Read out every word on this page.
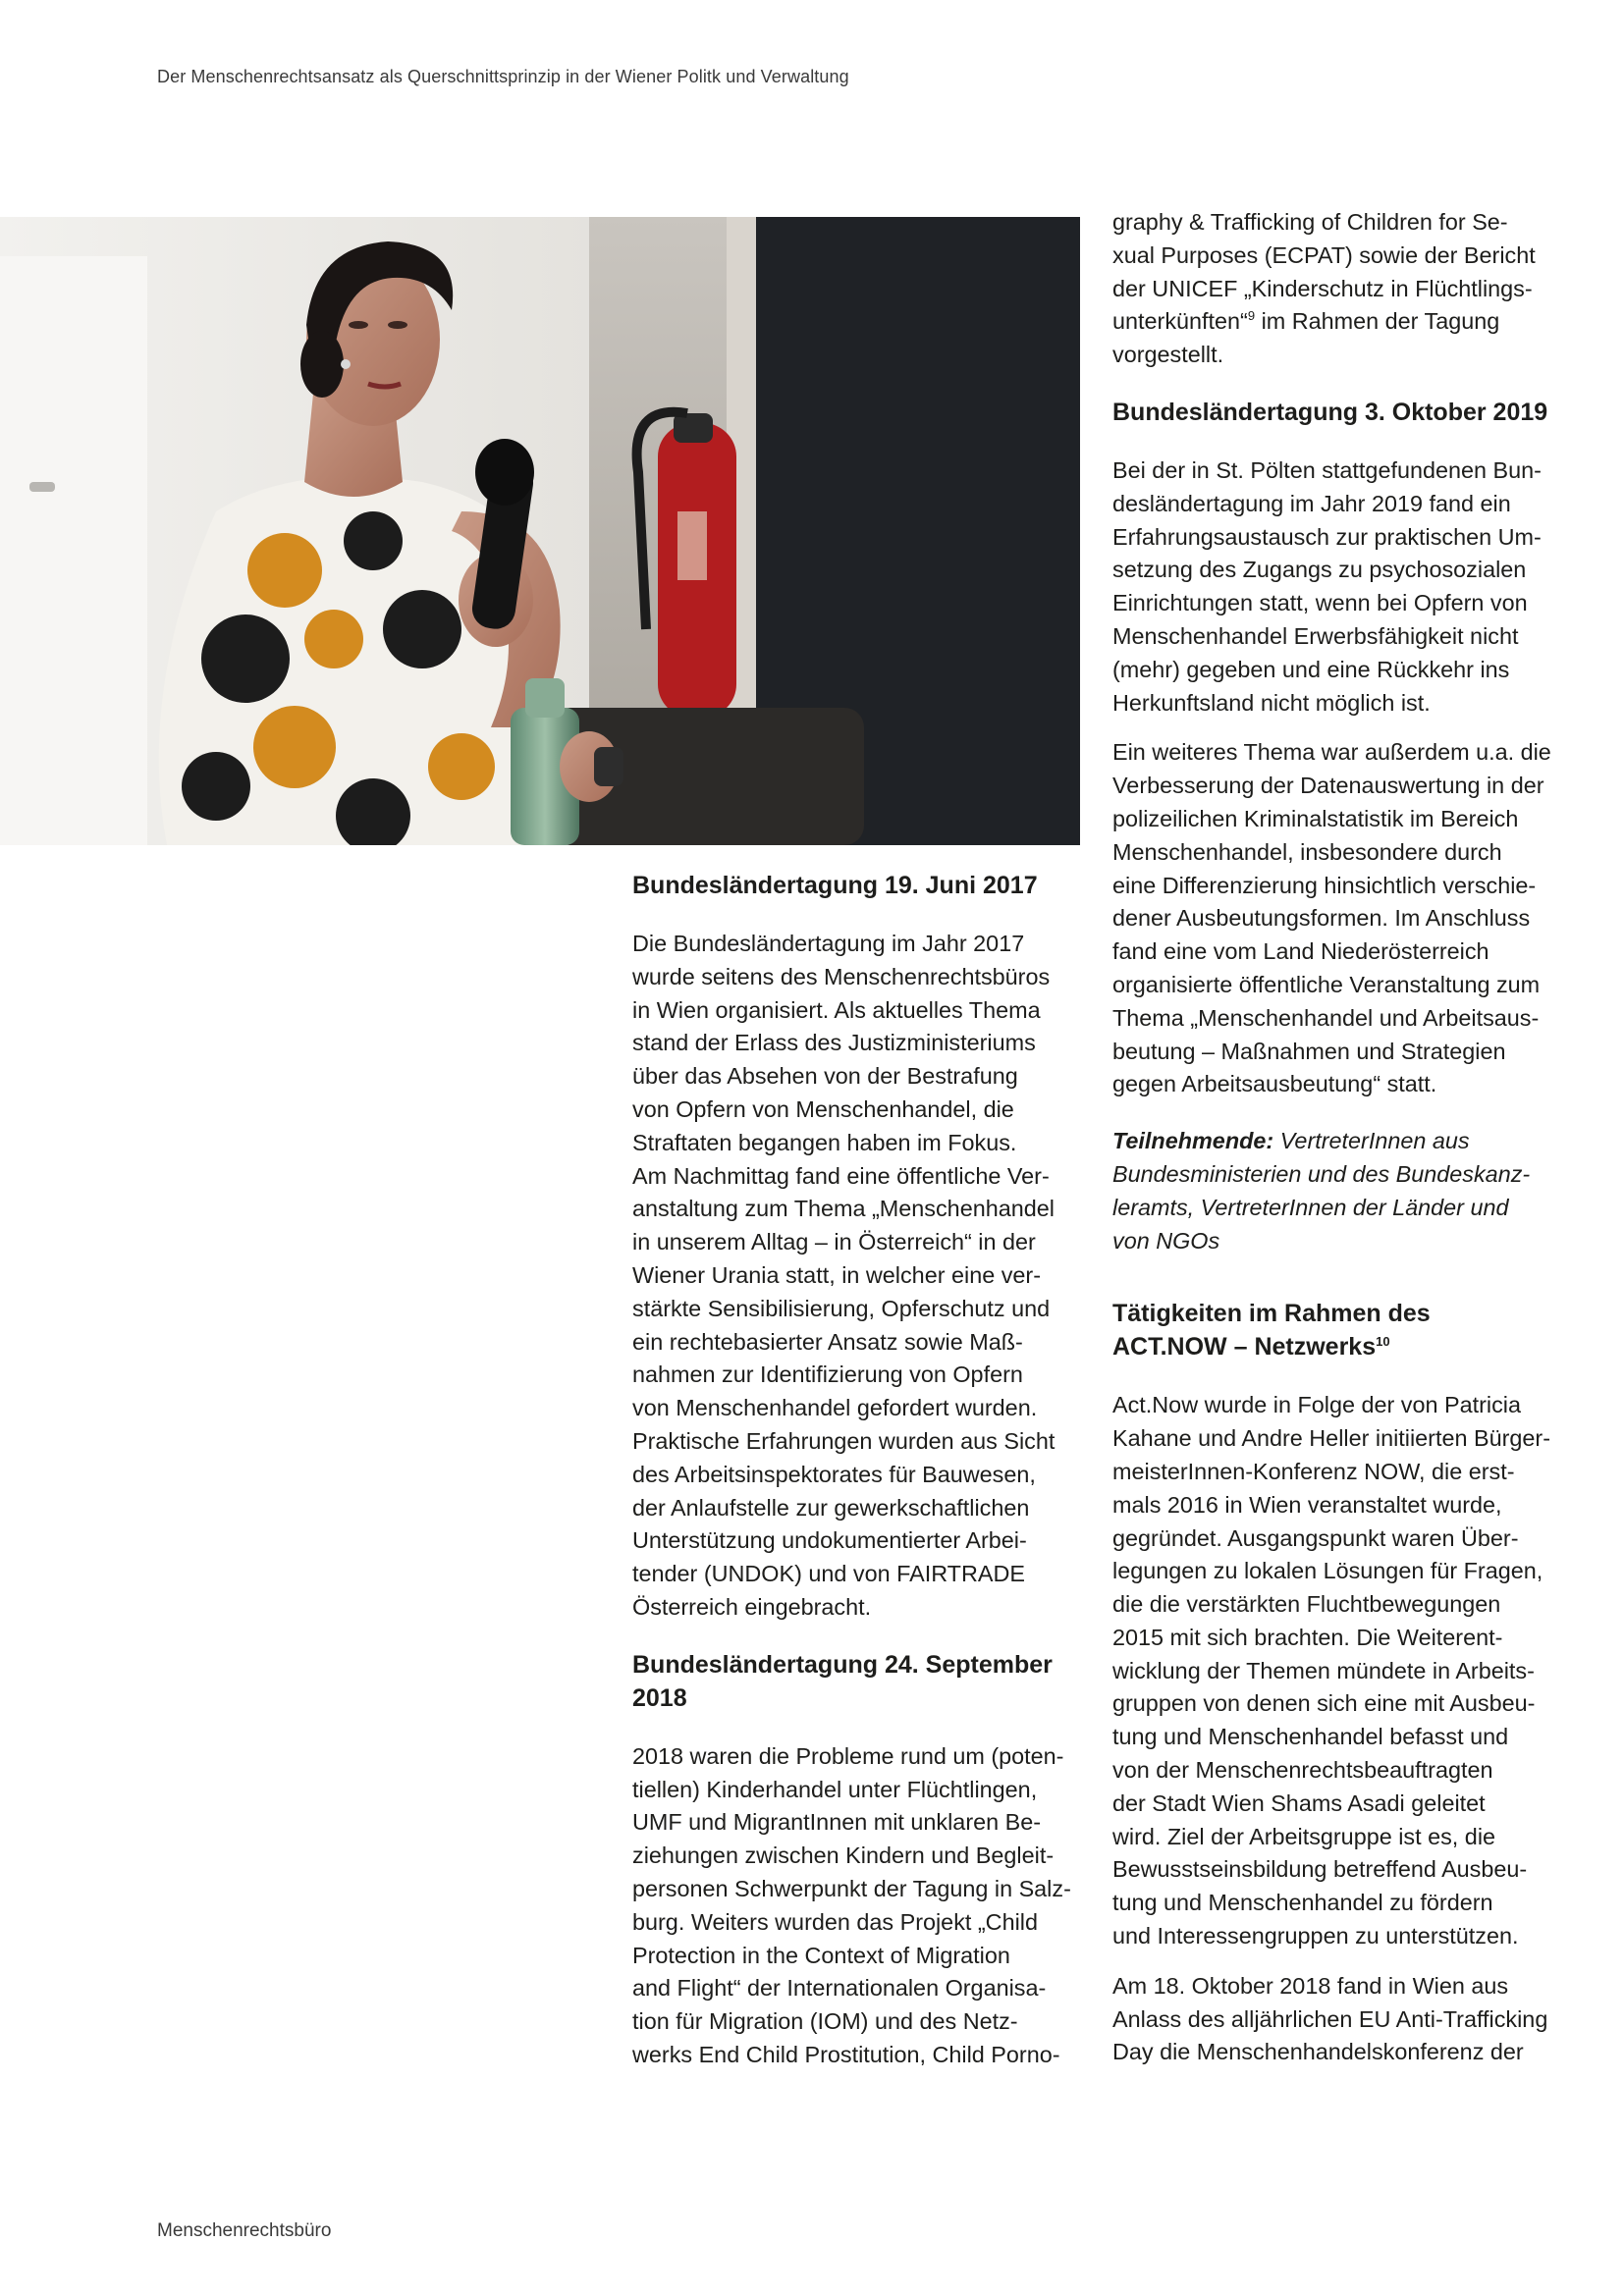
Der Menschenrechtsansatz als Querschnittsprinzip in der Wiener Politk und Verwaltung
Bundesländertagung 19. Juni 2017

Die Bundesländertagung im Jahr 2017
wurde seitens des Menschenrechtsbüros
in Wien organisiert. Als aktuelles Thema
stand der Erlass des Justizministeriums
über das Absehen von der Bestrafung
von Opfern von Menschenhandel, die
Straftaten begangen haben im Fokus.
Am Nachmittag fand eine öffentliche Ver-
anstaltung zum Thema „Menschenhandel
in unserem Alltag – in Österreich“ in der
Wiener Urania statt, in welcher eine ver-
stärkte Sensibilisierung, Opferschutz und
ein rechtebasierter Ansatz sowie Maß-
nahmen zur Identifizierung von Opfern
von Menschenhandel gefordert wurden.
Praktische Erfahrungen wurden aus Sicht
des Arbeitsinspektorates für Bauwesen,
der Anlaufstelle zur gewerkschaftlichen
Unterstützung undokumentierter Arbei-
tender (UNDOK) und von FAIRTRADE
Österreich eingebracht.

Bundesländertagung 24. September
2018

2018 waren die Probleme rund um (poten-
tiellen) Kinderhandel unter Flüchtlingen,
UMF und MigrantInnen mit unklaren Be-
ziehungen zwischen Kindern und Begleit-
personen Schwerpunkt der Tagung in Salz-
burg. Weiters wurden das Projekt „Child
Protection in the Context of Migration
and Flight“ der Internationalen Organisa-
tion für Migration (IOM) und des Netz-
werks End Child Prostitution, Child Porno-

graphy & Trafficking of Children for Se-
xual Purposes (ECPAT) sowie der Bericht
der UNICEF „Kinderschutz in Flüchtlings-
unterkünften“$^9$ im Rahmen der Tagung
vorgestellt.

Bundesländertagung 3. Oktober 2019

Bei der in St. Pölten stattgefundenen Bun-
desländertagung im Jahr 2019 fand ein
Erfahrungsaustausch zur praktischen Um-
setzung des Zugangs zu psychosozialen
Einrichtungen statt, wenn bei Opfern von
Menschenhandel Erwerbsfähigkeit nicht
(mehr) gegeben und eine Rückkehr ins
Herkunftsland nicht möglich ist.

Ein weiteres Thema war außerdem u.a. die
Verbesserung der Datenauswertung in der
polizeilichen Kriminalstatistik im Bereich
Menschenhandel, insbesondere durch
eine Differenzierung hinsichtlich verschie-
dener Ausbeutungsformen. Im Anschluss
fand eine vom Land Niederösterreich
organisierte öffentliche Veranstaltung zum
Thema „Menschenhandel und Arbeitsaus-
beutung – Maßnahmen und Strategien
gegen Arbeitsausbeutung“ statt.

Teilnehmende: VertreterInnen aus
Bundesministerien und des Bundeskanz-
leramts, VertreterInnen der Länder und
von NGOs

Tätigkeiten im Rahmen des
ACT.NOW – Netzwerks$^{10}$

Act.Now wurde in Folge der von Patricia
Kahane und Andre Heller initiierten Bürger-
meisterInnen-Konferenz NOW, die erst-
mals 2016 in Wien veranstaltet wurde,
gegründet. Ausgangspunkt waren Über-
legungen zu lokalen Lösungen für Fragen,
die die verstärkten Fluchtbewegungen
2015 mit sich brachten. Die Weiterent-
wicklung der Themen mündete in Arbeits-
gruppen von denen sich eine mit Ausbeu-
tung und Menschenhandel befasst und
von der Menschenrechtsbeauftragten
der Stadt Wien Shams Asadi geleitet
wird. Ziel der Arbeitsgruppe ist es, die
Bewusstseinsbildung betreffend Ausbeu-
tung und Menschenhandel zu fördern
und Interessengruppen zu unterstützen.

Am 18. Oktober 2018 fand in Wien aus
Anlass des alljährlichen EU Anti-Trafficking
Day die Menschenhandelskonferenz der

Menschenrechtsbüro
